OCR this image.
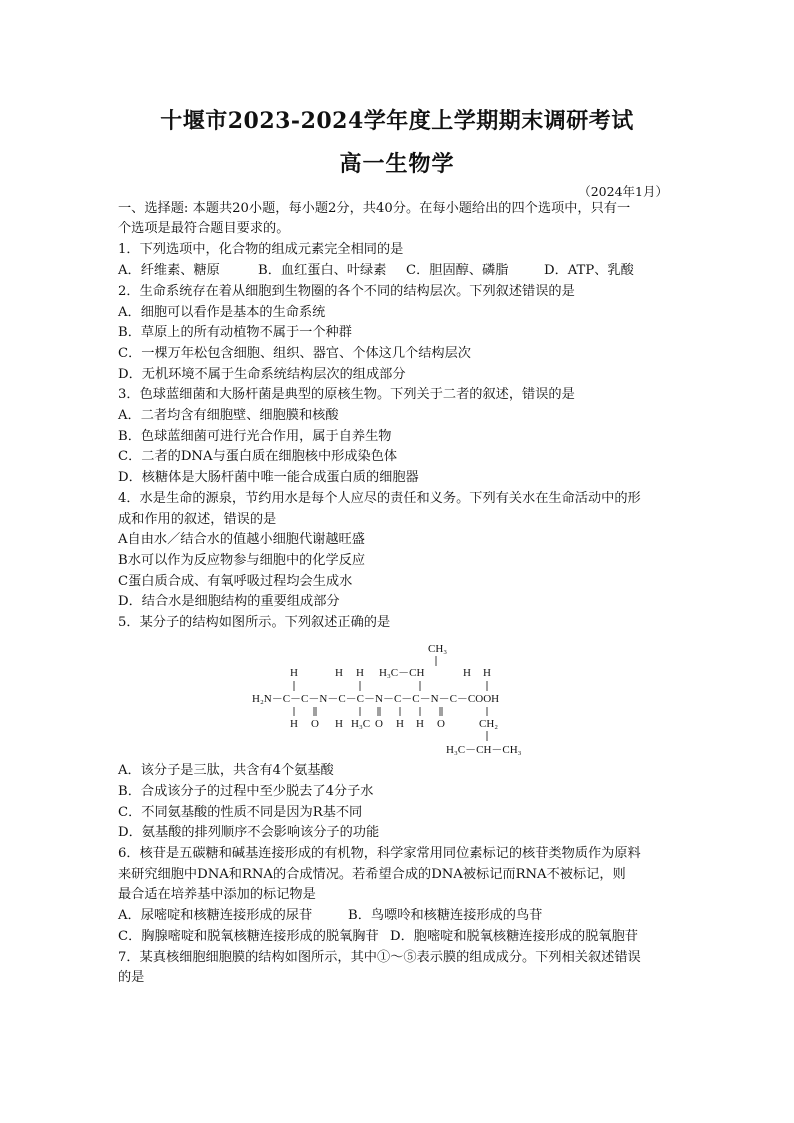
十堰市2023-2024学年度上学期期末调研考试
高一生物学
（2024年1月）
一、选择题: 本题共20小题，每小题2分，共40分。在每小题给出的四个选项中，只有一
个选项是最符合题目要求的。
1．下列选项中，化合物的组成元素完全相同的是
A．纤维素、糖原	B．血红蛋白、叶绿素	C．胆固醇、磷脂	D．ATP、乳酸
2．生命系统存在着从细胞到生物圈的各个不同的结构层次。下列叙述错误的是
A．细胞可以看作是基本的生命系统
B．草原上的所有动植物不属于一个种群
C．一棵万年松包含细胞、组织、器官、个体这几个结构层次
D．无机环境不属于生命系统结构层次的组成部分
3．色球蓝细菌和大肠杆菌是典型的原核生物。下列关于二者的叙述，错误的是
A．二者均含有细胞壁、细胞膜和核酸
B．色球蓝细菌可进行光合作用，属于自养生物
C．二者的DNA与蛋白质在细胞核中形成染色体
D．核糖体是大肠杆菌中唯一能合成蛋白质的细胞器
4．水是生命的源泉，节约用水是每个人应尽的责任和义务。下列有关水在生命活动中的形
成和作用的叙述，错误的是
A自由水／结合水的值越小细胞代谢越旺盛
B水可以作为反应物参与细胞中的化学反应
C蛋白质合成、有氧呼吸过程均会生成水
D．结合水是细胞结构的重要组成部分
5．某分子的结构如图所示。下列叙述正确的是
CH₃
H₃C－CH
H	H H	H H
H₂N－C－C－N－C－C－N－C－C－N－C－COOH
H O H H₃C O H H O	CH₂
H₃C－CH－CH₃
A．该分子是三肽，共含有4个氨基酸
B．合成该分子的过程中至少脱去了4分子水
C．不同氨基酸的性质不同是因为R基不同
D．氨基酸的排列顺序不会影响该分子的功能
6．核苷是五碳糖和碱基连接形成的有机物，科学家常用同位素标记的核苷类物质作为原料
来研究细胞中DNA和RNA的合成情况。若希望合成的DNA被标记而RNA不被标记，则
最合适在培养基中添加的标记物是
A．尿嘧啶和核糖连接形成的尿苷	B．鸟嘌呤和核糖连接形成的鸟苷
C．胸腺嘧啶和脱氧核糖连接形成的脱氧胸苷 D．胞嘧啶和脱氧核糖连接形成的脱氧胞苷
7．某真核细胞细胞膜的结构如图所示，其中①～⑤表示膜的组成成分。下列相关叙述错误
的是
